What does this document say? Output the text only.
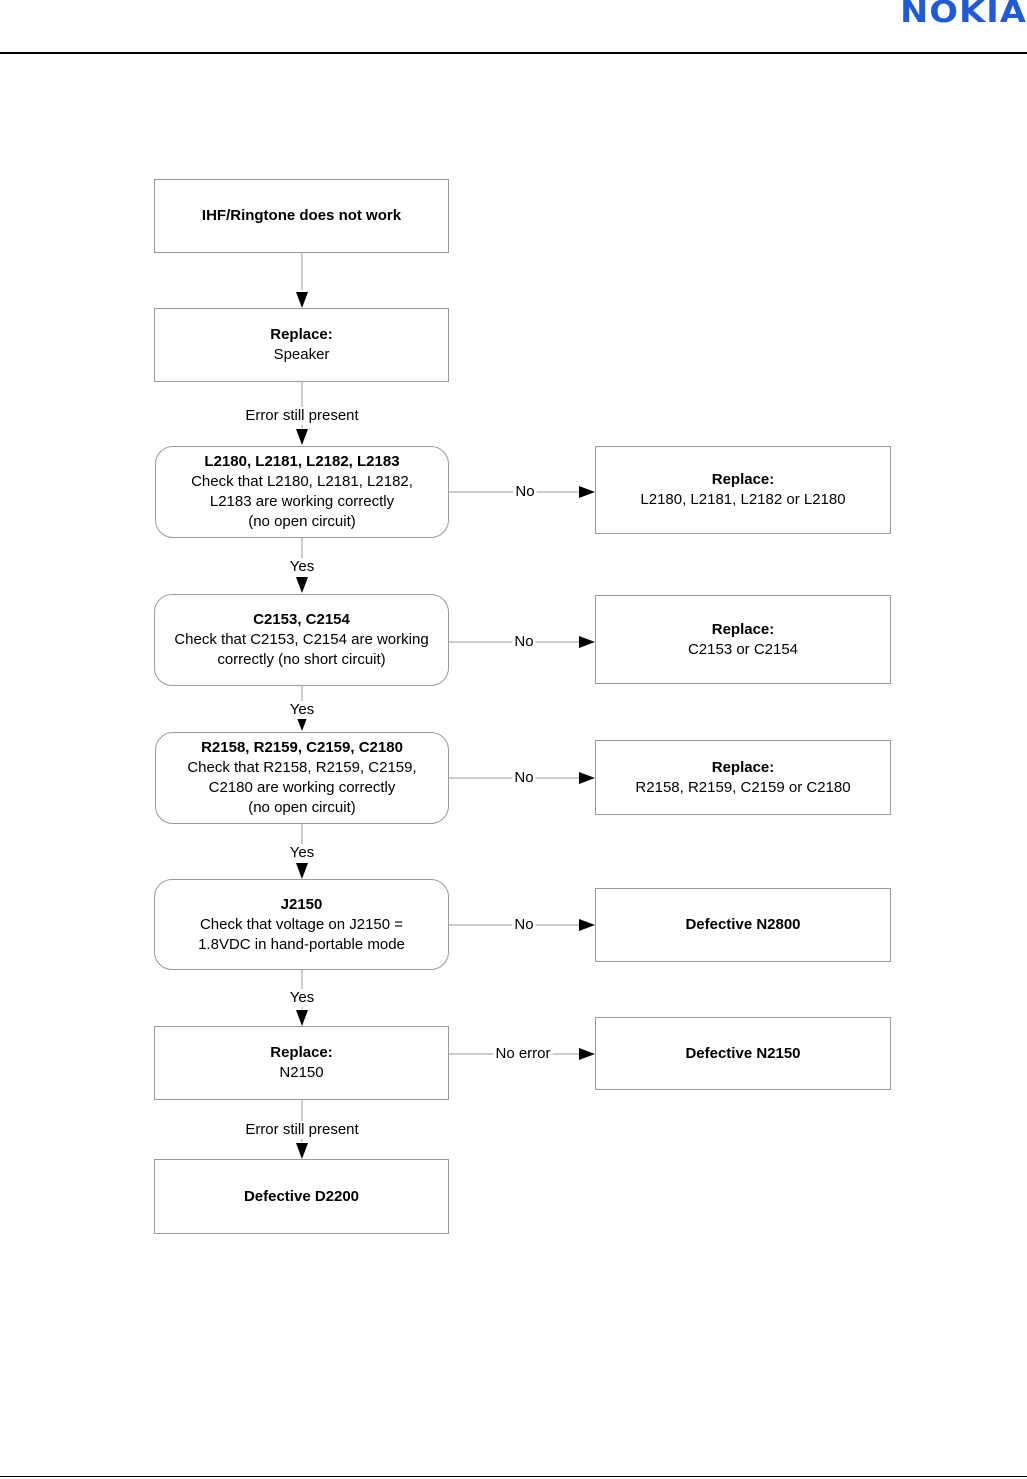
NOKIA
IHF/Ringtone does not work
Replace:
Speaker
L2180, L2181, L2182, L2183
Check that L2180, L2181, L2182,
L2183 are working correctly
(no open circuit)
Replace:
L2180, L2181, L2182 or L2180
C2153, C2154
Check that C2153, C2154 are working
correctly (no short circuit)
Replace:
C2153 or C2154
R2158, R2159, C2159, C2180
Check that R2158, R2159, C2159,
C2180 are working correctly
(no open circuit)
Replace:
R2158, R2159, C2159 or C2180
J2150
Check that voltage on J2150 =
1.8VDC in hand-portable mode
Defective N2800
Replace:
N2150
Defective N2150
Defective D2200
Error still present
No
Yes
No
Yes
No
Yes
No
Yes
No error
Error still present
